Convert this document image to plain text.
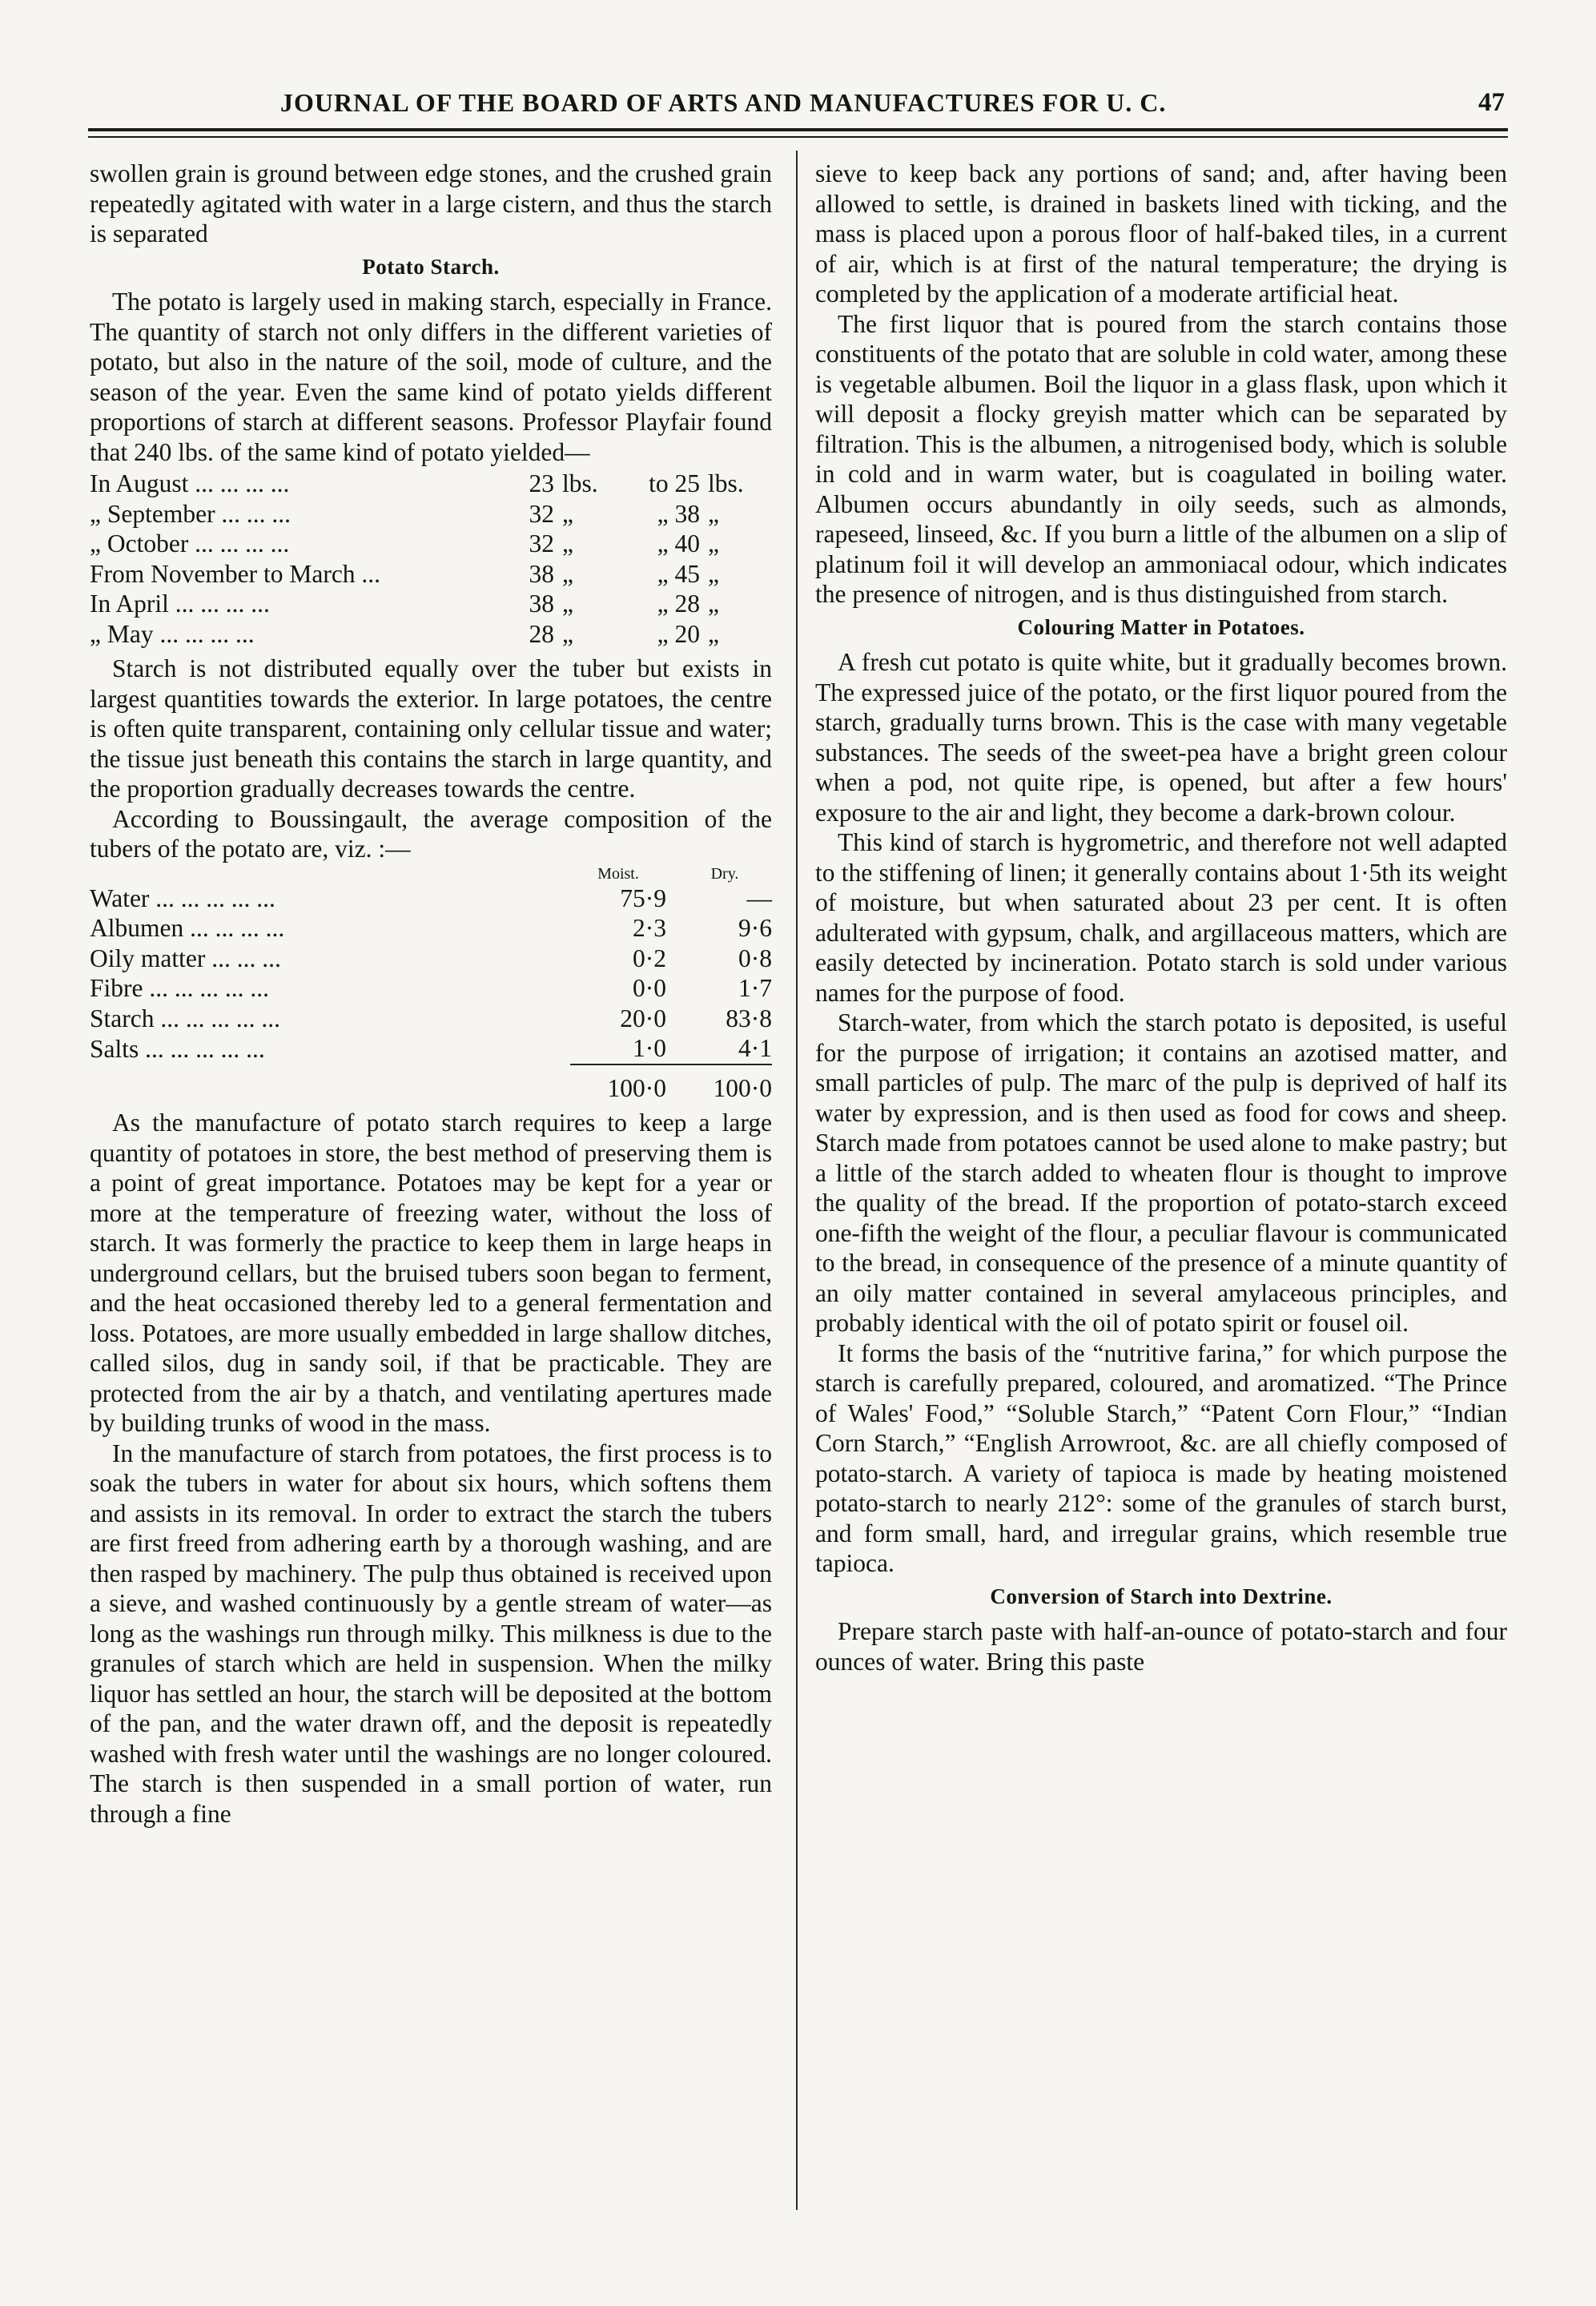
JOURNAL OF THE BOARD OF ARTS AND MANUFACTURES FOR U. C.	47

swollen grain is ground between edge stones, and the crushed grain repeatedly agitated with water in a large cistern, and thus the starch is separated

Potato Starch.

The potato is largely used in making starch, especially in France. The quantity of starch not only differs in the different varieties of potato, but also in the nature of the soil, mode of culture, and the season of the year. Even the same kind of potato yields different proportions of starch at different seasons. Professor Playfair found that 240 lbs. of the same kind of potato yielded—

In August ... ... ... ...	23	lbs.	to 25	lbs.
„ September ... ... ...	32	„	„ 38	„
„ October ... ... ... ...	32	„	„ 40	„
From November to March ...	38	„	„ 45	„
In April ... ... ... ...	38	„	„ 28	„
„ May ... ... ... ...	28	„	„ 20	„

Starch is not distributed equally over the tuber but exists in largest quantities towards the exterior. In large potatoes, the centre is often quite transparent, containing only cellular tissue and water; the tissue just beneath this contains the starch in large quantity, and the proportion gradually decreases towards the centre.

According to Boussingault, the average composition of the tubers of the potato are, viz. :—

	Moist.	Dry.
Water ... ... ... ... ...	75·9	—
Albumen ... ... ... ...	2·3	9·6
Oily matter ... ... ...	0·2	0·8
Fibre ... ... ... ... ...	0·0	1·7
Starch ... ... ... ... ...	20·0	83·8
Salts ... ... ... ... ...	1·0	4·1
	100·0	100·0

As the manufacture of potato starch requires to keep a large quantity of potatoes in store, the best method of preserving them is a point of great importance. Potatoes may be kept for a year or more at the temperature of freezing water, without the loss of starch. It was formerly the practice to keep them in large heaps in underground cellars, but the bruised tubers soon began to ferment, and the heat occasioned thereby led to a general fermentation and loss. Potatoes, are more usually embedded in large shallow ditches, called silos, dug in sandy soil, if that be practicable. They are protected from the air by a thatch, and ventilating apertures made by building trunks of wood in the mass.

In the manufacture of starch from potatoes, the first process is to soak the tubers in water for about six hours, which softens them and assists in its removal. In order to extract the starch the tubers are first freed from adhering earth by a thorough washing, and are then rasped by machinery. The pulp thus obtained is received upon a sieve, and washed continuously by a gentle stream of water—as long as the washings run through milky. This milkness is due to the granules of starch which are held in suspension. When the milky liquor has settled an hour, the starch will be deposited at the bottom of the pan, and the water drawn off, and the deposit is repeatedly washed with fresh water until the washings are no longer coloured. The starch is then suspended in a small portion of water, run through a fine

sieve to keep back any portions of sand; and, after having been allowed to settle, is drained in baskets lined with ticking, and the mass is placed upon a porous floor of half-baked tiles, in a current of air, which is at first of the natural temperature; the drying is completed by the application of a moderate artificial heat.

The first liquor that is poured from the starch contains those constituents of the potato that are soluble in cold water, among these is vegetable albumen. Boil the liquor in a glass flask, upon which it will deposit a flocky greyish matter which can be separated by filtration. This is the albumen, a nitrogenised body, which is soluble in cold and in warm water, but is coagulated in boiling water. Albumen occurs abundantly in oily seeds, such as almonds, rapeseed, linseed, &c. If you burn a little of the albumen on a slip of platinum foil it will develop an ammoniacal odour, which indicates the presence of nitrogen, and is thus distinguished from starch.

Colouring Matter in Potatoes.

A fresh cut potato is quite white, but it gradually becomes brown. The expressed juice of the potato, or the first liquor poured from the starch, gradually turns brown. This is the case with many vegetable substances. The seeds of the sweet-pea have a bright green colour when a pod, not quite ripe, is opened, but after a few hours' exposure to the air and light, they become a dark-brown colour.

This kind of starch is hygrometric, and therefore not well adapted to the stiffening of linen; it generally contains about 1·5th its weight of moisture, but when saturated about 23 per cent. It is often adulterated with gypsum, chalk, and argillaceous matters, which are easily detected by incineration. Potato starch is sold under various names for the purpose of food.

Starch-water, from which the starch potato is deposited, is useful for the purpose of irrigation; it contains an azotised matter, and small particles of pulp. The marc of the pulp is deprived of half its water by expression, and is then used as food for cows and sheep. Starch made from potatoes cannot be used alone to make pastry; but a little of the starch added to wheaten flour is thought to improve the quality of the bread. If the proportion of potato-starch exceed one-fifth the weight of the flour, a peculiar flavour is communicated to the bread, in consequence of the presence of a minute quantity of an oily matter contained in several amylaceous principles, and probably identical with the oil of potato spirit or fousel oil.

It forms the basis of the “nutritive farina,” for which purpose the starch is carefully prepared, coloured, and aromatized. “The Prince of Wales' Food,” “Soluble Starch,” “Patent Corn Flour,” “Indian Corn Starch,” “English Arrowroot, &c. are all chiefly composed of potato-starch. A variety of tapioca is made by heating moistened potato-starch to nearly 212°: some of the granules of starch burst, and form small, hard, and irregular grains, which resemble true tapioca.

Conversion of Starch into Dextrine.

Prepare starch paste with half-an-ounce of potato-starch and four ounces of water. Bring this paste
